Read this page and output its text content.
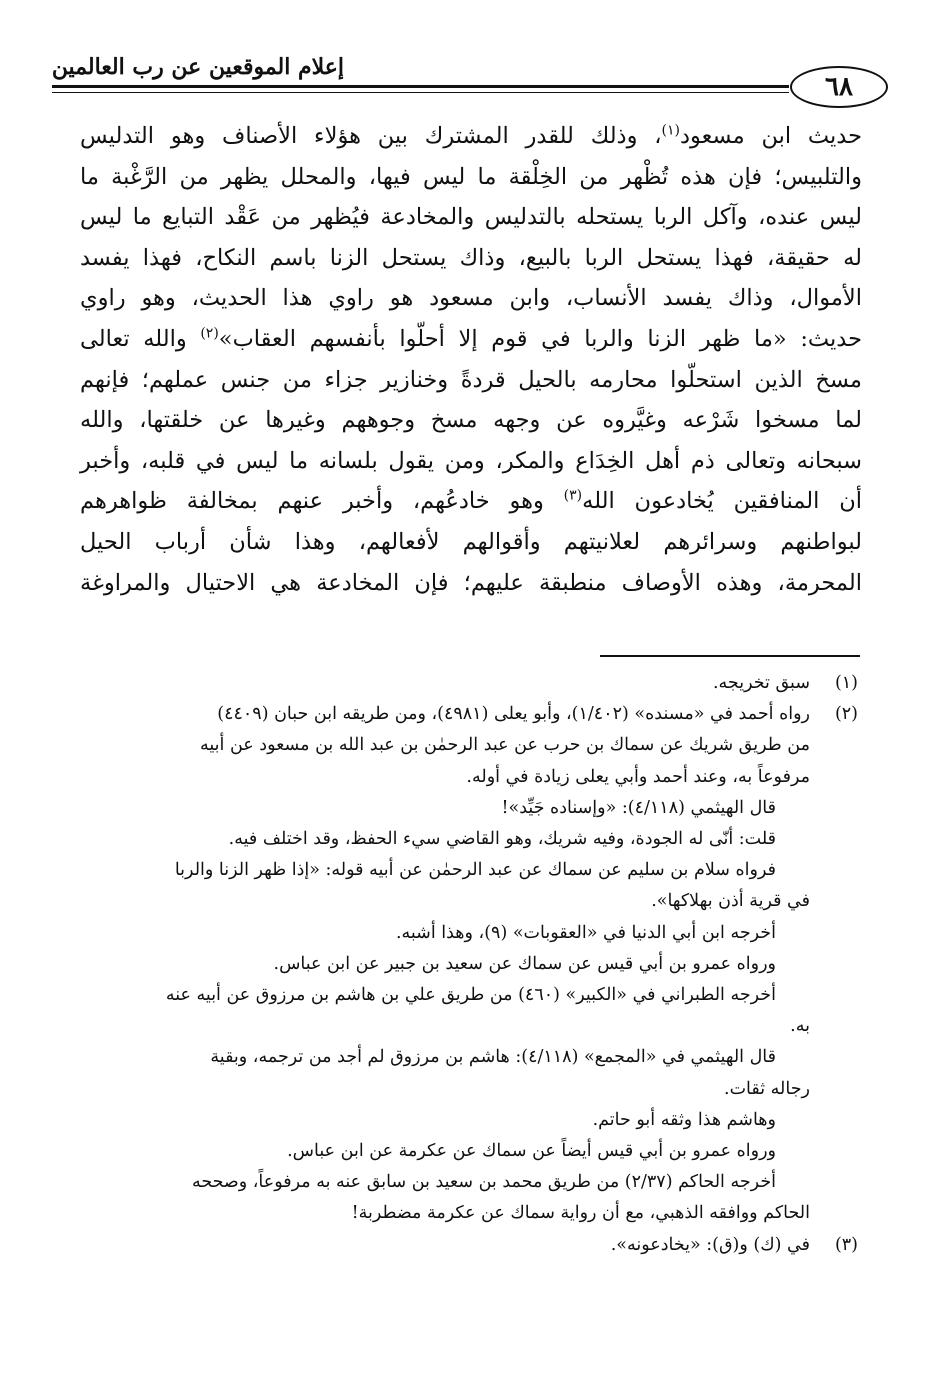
إعلام الموقعين عن رب العالمين
٦٨

حديث ابن مسعود$^{(١)}$، وذلك للقدر المشترك بين هؤلاء الأصناف وهو التدليس

والتلبيس؛ فإن هذه تُظْهر من الخِلْقة ما ليس فيها، والمحلل يظهر من الرَّغْبة ما

ليس عنده، وآكل الربا يستحله بالتدليس والمخادعة فيُظهر من عَقْد التبايع ما ليس

له حقيقة، فهذا يستحل الربا بالبيع، وذاك يستحل الزنا باسم النكاح، فهذا يفسد

الأموال، وذاك يفسد الأنساب، وابن مسعود هو راوي هذا الحديث، وهو راوي

حديث: «ما ظهر الزنا والربا في قوم إلا أحلّوا بأنفسهم العقاب»$^{(٢)}$ والله تعالى

مسخ الذين استحلّوا محارمه بالحيل قردةً وخنازير جزاء من جنس عملهم؛ فإنهم

لما مسخوا شَرْعه وغيَّروه عن وجهه مسخ وجوههم وغيرها عن خلقتها، والله

سبحانه وتعالى ذم أهل الخِدَاع والمكر، ومن يقول بلسانه ما ليس في قلبه، وأخبر

أن المنافقين يُخادعون الله$^{(٣)}$ وهو خادعُهم، وأخبر عنهم بمخالفة ظواهرهم

لبواطنهم وسرائرهم لعلانيتهم وأقوالهم لأفعالهم، وهذا شأن أرباب الحيل

المحرمة، وهذه الأوصاف منطبقة عليهم؛ فإن المخادعة هي الاحتيال والمراوغة

(١)

سبق تخريجه.

(٢)

رواه أحمد في «مسنده» (١/٤٠٢)، وأبو يعلى (٤٩٨١)، ومن طريقه ابن حبان (٤٤٠٩)

من طريق شريك عن سماك بن حرب عن عبد الرحمٰن بن عبد الله بن مسعود عن أبيه

مرفوعاً به، وعند أحمد وأبي يعلى زيادة في أوله.

قال الهيثمي (٤/١١٨): «وإسناده جَيِّد»!

قلت: أنّى له الجودة، وفيه شريك، وهو القاضي سيء الحفظ، وقد اختلف فيه.

فرواه سلام بن سليم عن سماك عن عبد الرحمٰن عن أبيه قوله: «إذا ظهر الزنا والربا

في قرية أذن بهلاكها».

أخرجه ابن أبي الدنيا في «العقوبات» (٩)، وهذا أشبه.

ورواه عمرو بن أبي قيس عن سماك عن سعيد بن جبير عن ابن عباس.

أخرجه الطبراني في «الكبير» (٤٦٠) من طريق علي بن هاشم بن مرزوق عن أبيه عنه

به.

قال الهيثمي في «المجمع» (٤/١١٨): هاشم بن مرزوق لم أجد من ترجمه، وبقية

رجاله ثقات.

وهاشم هذا وثقه أبو حاتم.

ورواه عمرو بن أبي قيس أيضاً عن سماك عن عكرمة عن ابن عباس.

أخرجه الحاكم (٢/٣٧) من طريق محمد بن سعيد بن سابق عنه به مرفوعاً، وصححه

الحاكم ووافقه الذهبي، مع أن رواية سماك عن عكرمة مضطربة!

(٣)

في (ك) و(ق): «يخادعونه».
